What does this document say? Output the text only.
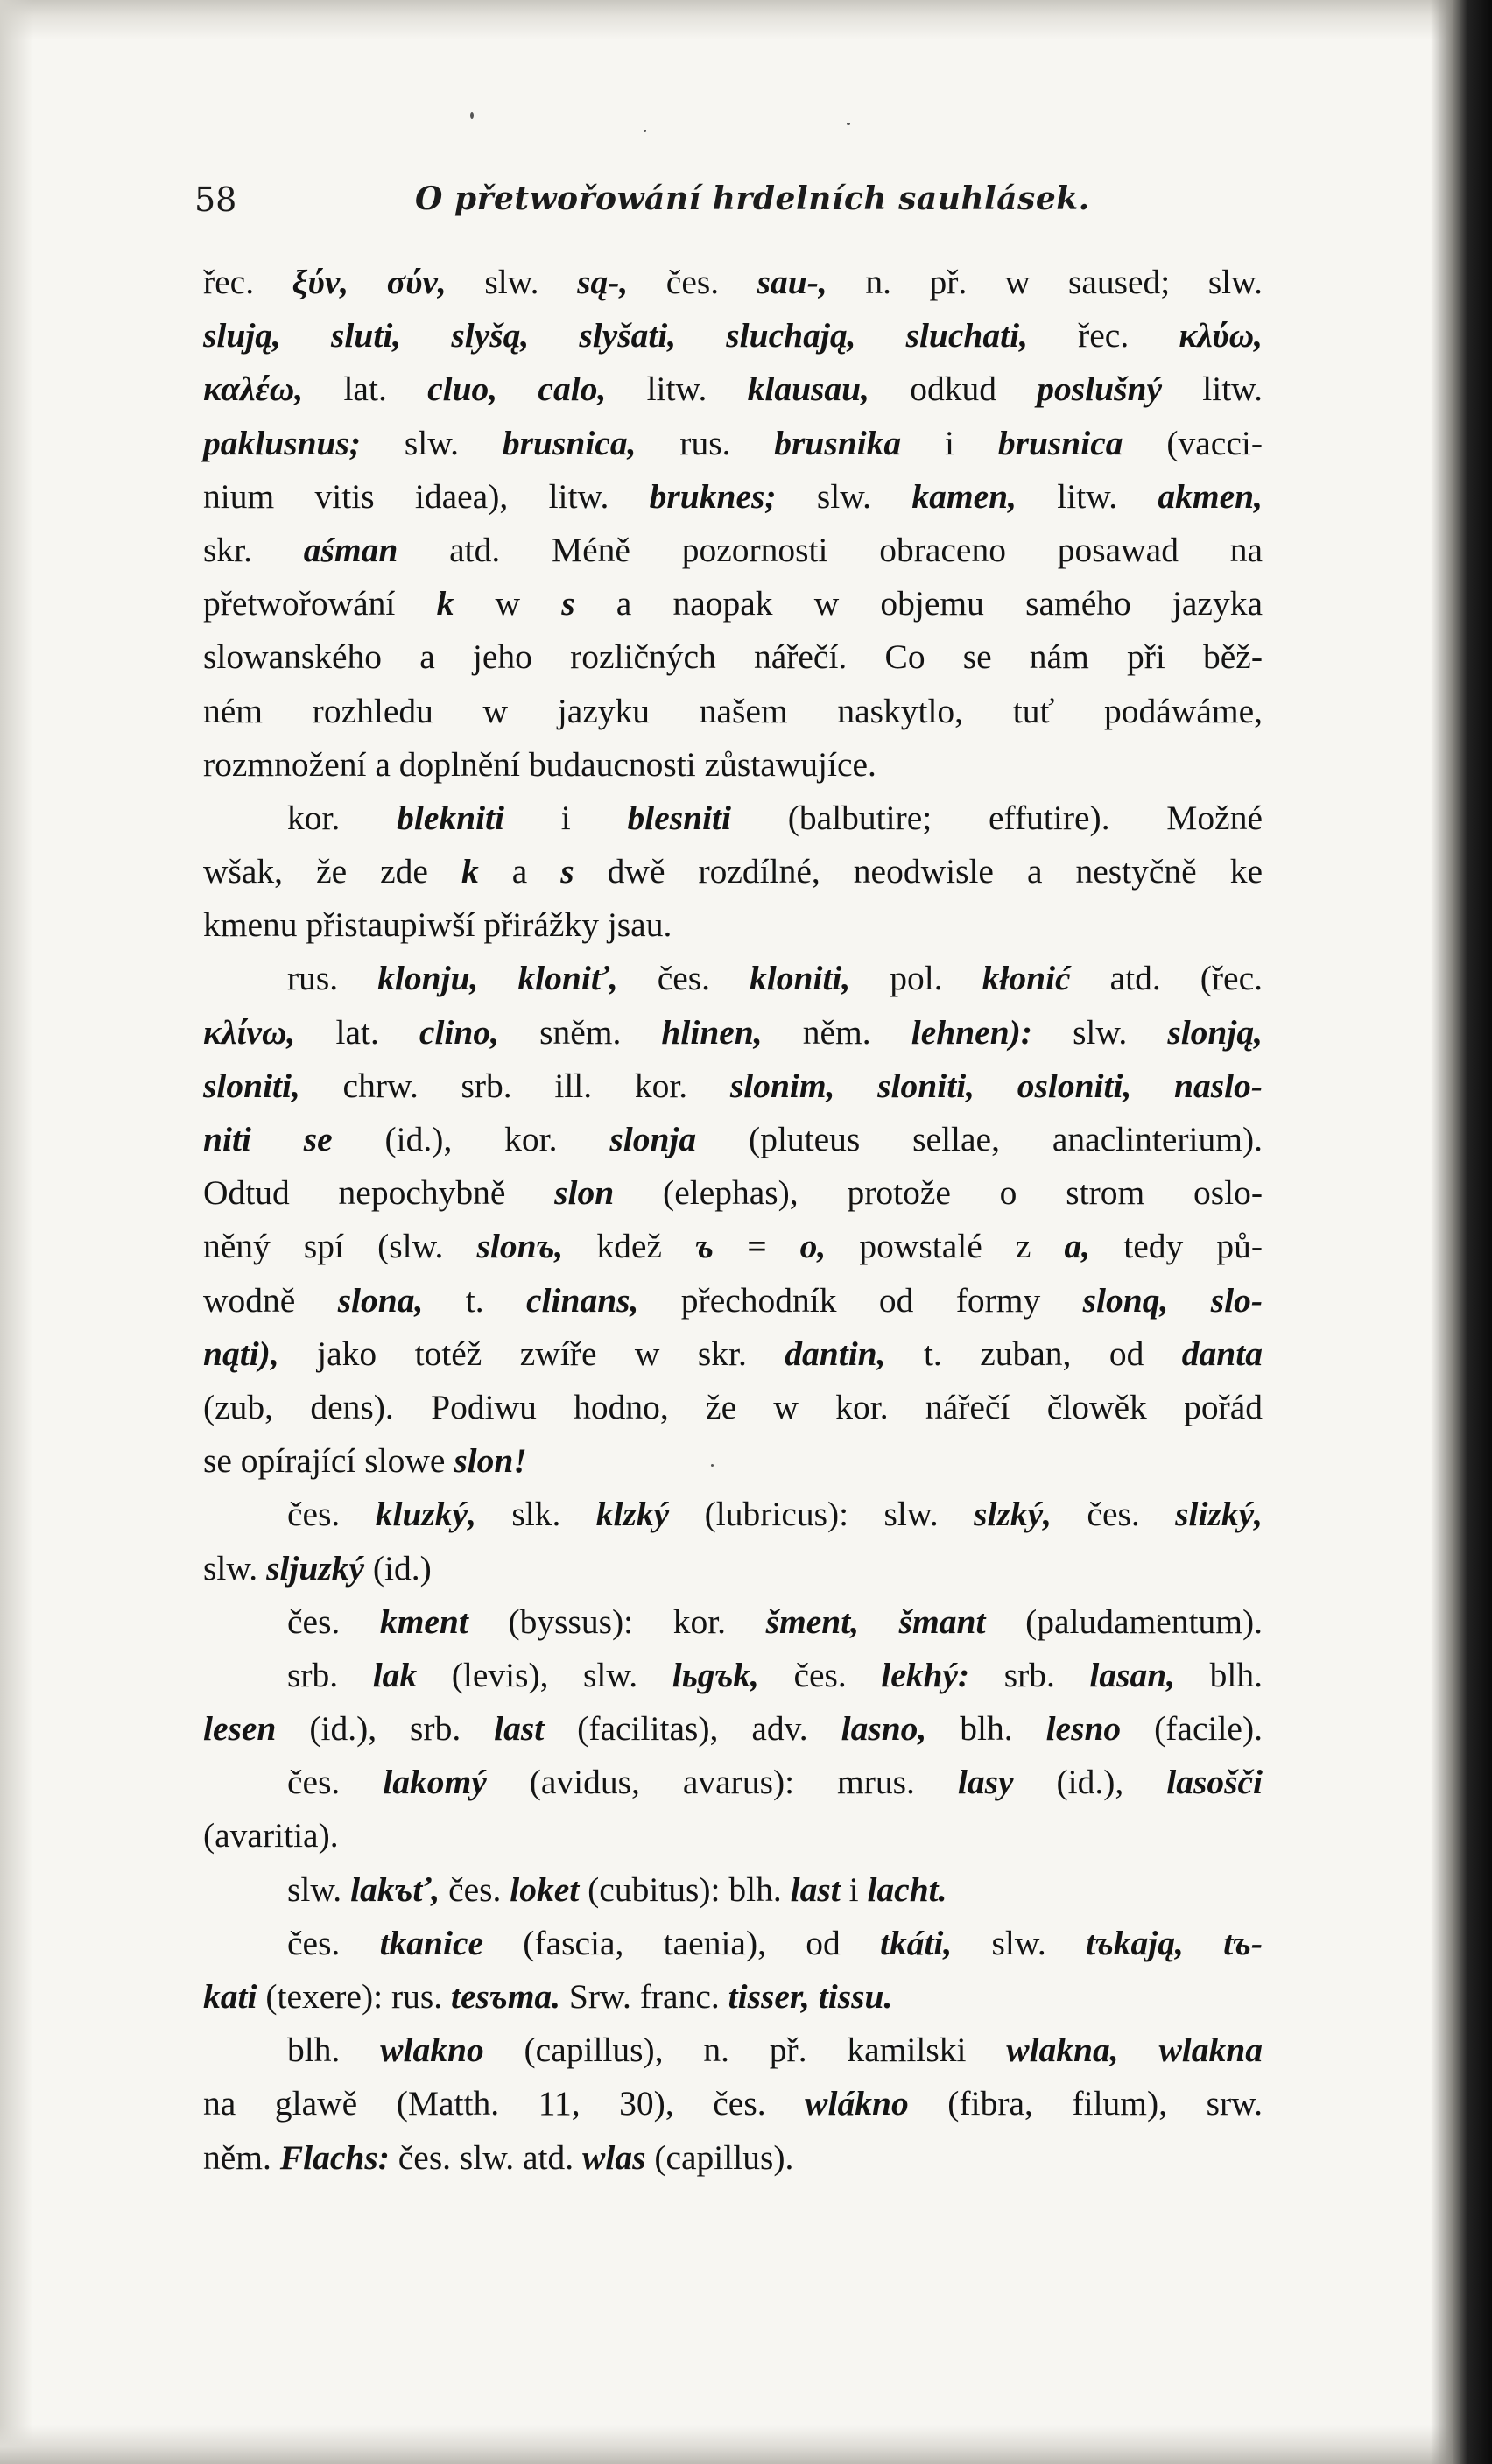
58	O přetwořowání hrdelních sauhlásek.
řec. ξύν, σύν, slw. są-, čes. sau-, n. př. w saused; slw.
slują, sluti, slyšą, slyšati, sluchają, sluchati, řec. κλύω,
καλέω, lat. cluo, calo, litw. klausau, odkud poslušný litw.
paklusnus; slw. brusnica, rus. brusnika i brusnica (vacci-
nium vitis idaea), litw. bruknes; slw. kamen, litw. akmen,
skr. aśman atd. Méně pozornosti obraceno posawad na
přetwořowání k w s a naopak w objemu samého jazyka
slowanského a jeho rozličných nářečí. Co se nám při běž-
ném rozhledu w jazyku našem naskytlo, tuť podáwáme,
rozmnožení a doplnění budaucnosti zůstawujíce.
kor. blekniti i blesniti (balbutire; effutire). Možné
wšak, že zde k a s dwě rozdílné, neodwisle a nestyčně ke
kmenu přistaupiwší přirážky jsau.
rus. klonju, kloniť, čes. kloniti, pol. kłonić atd. (řec.
κλίνω, lat. clino, sněm. hlinen, něm. lehnen): slw. slonją,
sloniti, chrw. srb. ill. kor. slonim, sloniti, osloniti, naslo-
niti se (id.), kor. slonja (pluteus sellae, anaclinterium).
Odtud nepochybně slon (elephas), protože o strom oslo-
něný spí (slw. slonъ, kdež ъ = o, powstalé z a, tedy pů-
wodně slona, t. clinans, přechodník od formy slonq, slo-
nąti), jako totéž zwíře w skr. dantin, t. zuban, od danta
(zub, dens). Podiwu hodno, že w kor. nářečí člowěk pořád
se opírající slowe slon!
čes. kluzký, slk. klzký (lubricus): slw. slzký, čes. slizký,
slw. sljuzký (id.)
čes. kment (byssus): kor. šment, šmant (paludamentum).
srb. lak (levis), slw. lьgъk, čes. lekhý: srb. lasan, blh.
lesen (id.), srb. last (facilitas), adv. lasno, blh. lesno (facile).
čes. lakomý (avidus, avarus): mrus. lasy (id.), lasošči
(avaritia).
slw. lakъť, čes. loket (cubitus): blh. last i lacht.
čes. tkanice (fascia, taenia), od tkáti, slw. tъkają, tъ-
kati (texere): rus. tesъma. Srw. franc. tisser, tissu.
blh. wlakno (capillus), n. př. kamilski wlakna, wlakna
na glawě (Matth. 11, 30), čes. wlákno (fibra, filum), srw.
něm. Flachs: čes. slw. atd. wlas (capillus).
